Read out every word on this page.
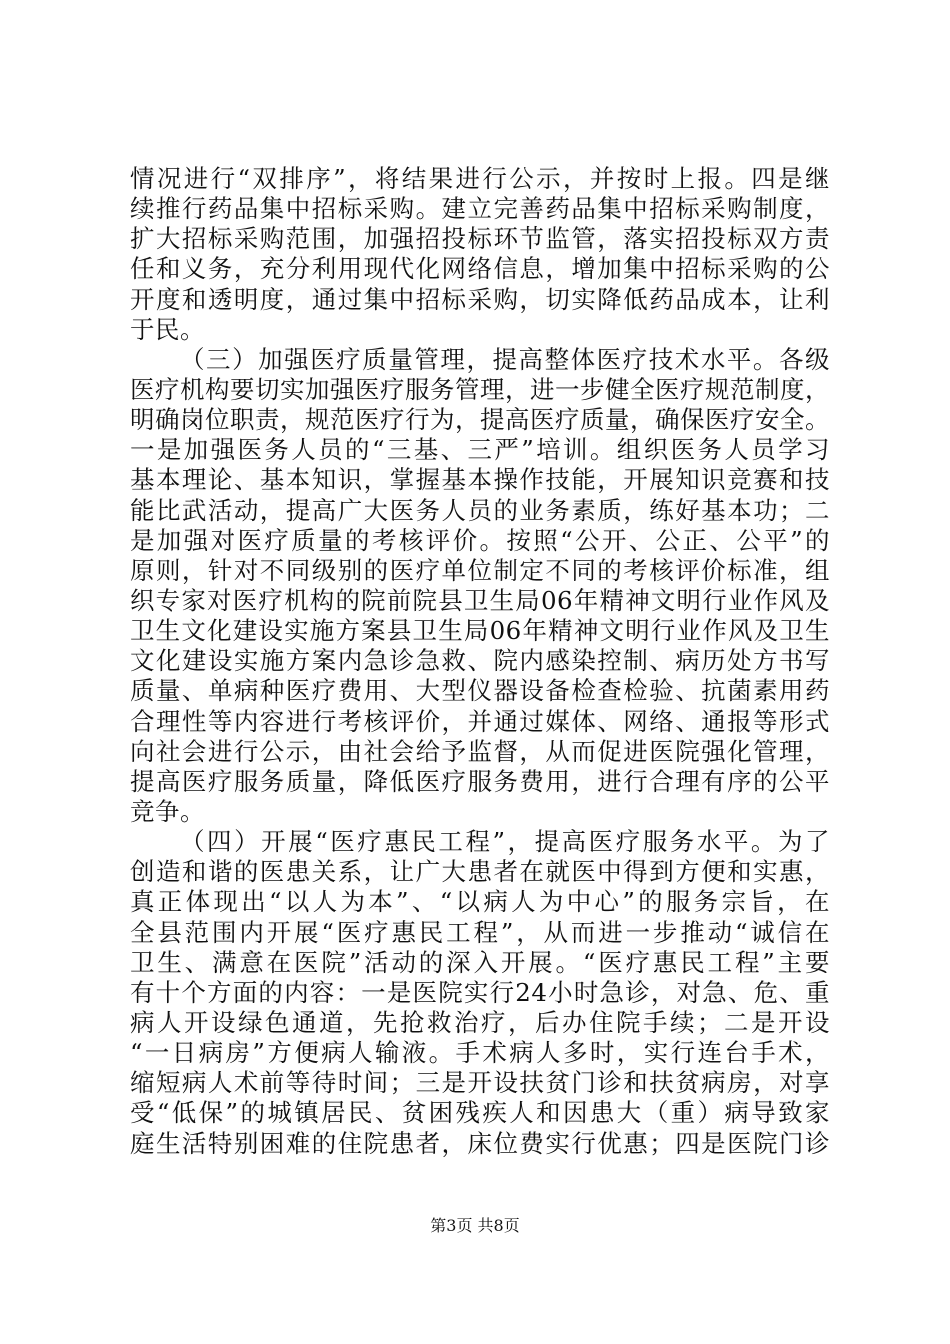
情况进行“双排序”，将结果进行公示，并按时上报。四是继
续推行药品集中招标采购。建立完善药品集中招标采购制度，
扩大招标采购范围，加强招投标环节监管，落实招投标双方责
任和义务，充分利用现代化网络信息，增加集中招标采购的公
开度和透明度，通过集中招标采购，切实降低药品成本，让利
于民。
（三）加强医疗质量管理，提高整体医疗技术水平。各级
医疗机构要切实加强医疗服务管理，进一步健全医疗规范制度，
明确岗位职责，规范医疗行为，提高医疗质量，确保医疗安全。
一是加强医务人员的“三基、三严”培训。组织医务人员学习
基本理论、基本知识，掌握基本操作技能，开展知识竞赛和技
能比武活动，提高广大医务人员的业务素质，练好基本功；二
是加强对医疗质量的考核评价。按照“公开、公正、公平”的
原则，针对不同级别的医疗单位制定不同的考核评价标准，组
织专家对医疗机构的院前院县卫生局06年精神文明行业作风及
卫生文化建设实施方案县卫生局06年精神文明行业作风及卫生
文化建设实施方案内急诊急救、院内感染控制、病历处方书写
质量、单病种医疗费用、大型仪器设备检查检验、抗菌素用药
合理性等内容进行考核评价，并通过媒体、网络、通报等形式
向社会进行公示，由社会给予监督，从而促进医院强化管理，
提高医疗服务质量，降低医疗服务费用，进行合理有序的公平
竞争。
（四）开展“医疗惠民工程”，提高医疗服务水平。为了
创造和谐的医患关系，让广大患者在就医中得到方便和实惠，
真正体现出“以人为本”、“以病人为中心”的服务宗旨，在
全县范围内开展“医疗惠民工程”，从而进一步推动“诚信在
卫生、满意在医院”活动的深入开展。“医疗惠民工程”主要
有十个方面的内容：一是医院实行24小时急诊，对急、危、重
病人开设绿色通道，先抢救治疗，后办住院手续；二是开设
“一日病房”方便病人输液。手术病人多时，实行连台手术，
缩短病人术前等待时间；三是开设扶贫门诊和扶贫病房，对享
受“低保”的城镇居民、贫困残疾人和因患大（重）病导致家
庭生活特别困难的住院患者，床位费实行优惠；四是医院门诊
第3页 共8页
